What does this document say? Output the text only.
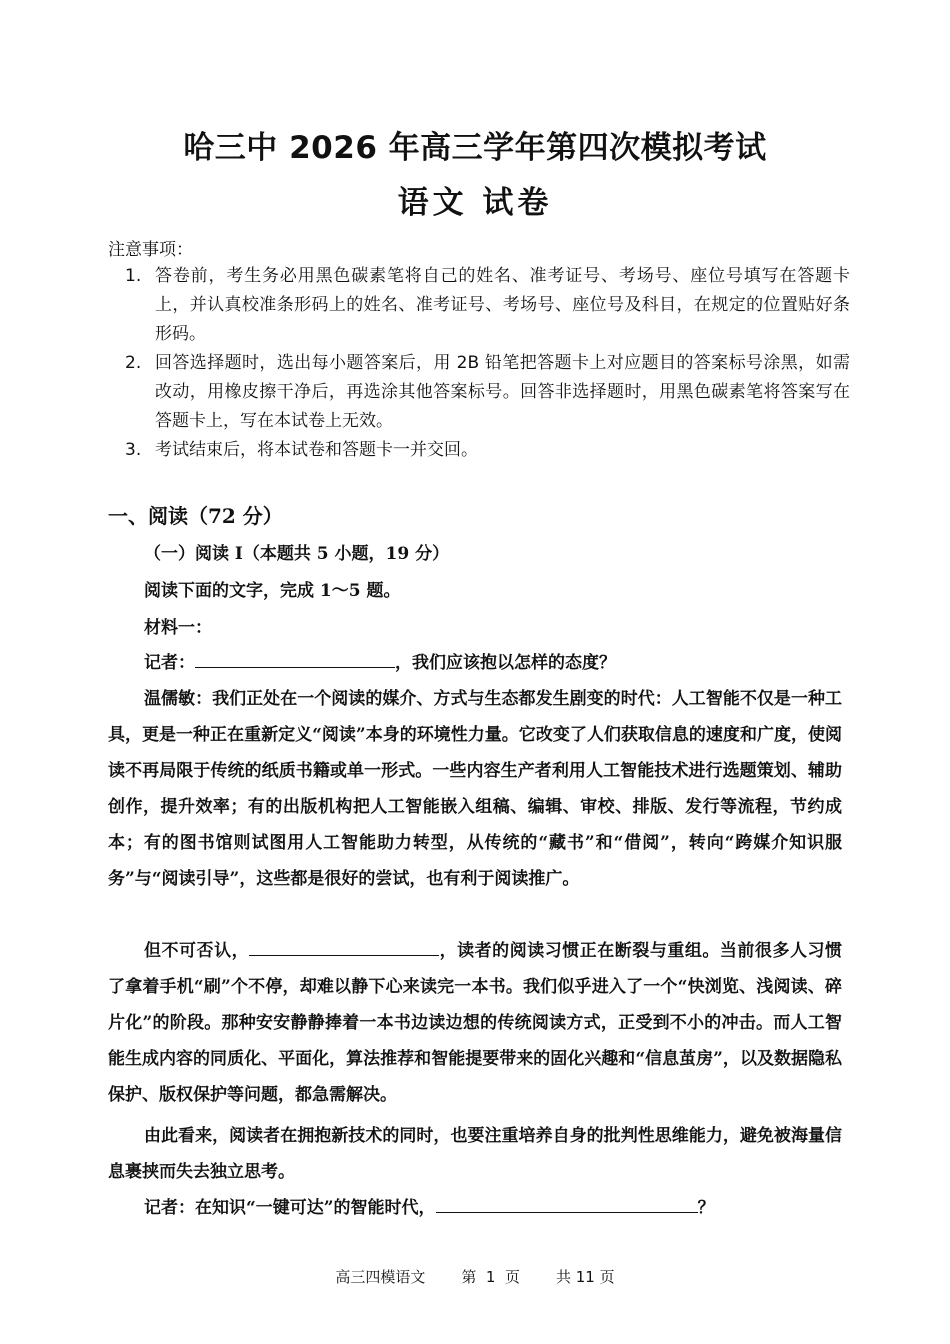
哈三中 2026 年高三学年第四次模拟考试
语文 试卷
注意事项：
1. 答卷前，考生务必用黑色碳素笔将自己的姓名、准考证号、考场号、座位号填写在答题卡上，并认真校准条形码上的姓名、准考证号、考场号、座位号及科目，在规定的位置贴好条形码。
2. 回答选择题时，选出每小题答案后，用 2B 铅笔把答题卡上对应题目的答案标号涂黑，如需改动，用橡皮擦干净后，再选涂其他答案标号。回答非选择题时，用黑色碳素笔将答案写在答题卡上，写在本试卷上无效。
3. 考试结束后，将本试卷和答题卡一并交回。
一、阅读（72 分）
（一）阅读 I（本题共 5 小题，19 分）
阅读下面的文字，完成 1～5 题。
材料一：
记者：	，我们应该抱以怎样的态度？
温儒敏：我们正处在一个阅读的媒介、方式与生态都发生剧变的时代：人工智能不仅是一种工具，更是一种正在重新定义“阅读”本身的环境性力量。它改变了人们获取信息的速度和广度，使阅读不再局限于传统的纸质书籍或单一形式。一些内容生产者利用人工智能技术进行选题策划、辅助创作，提升效率；有的出版机构把人工智能嵌入组稿、编辑、审校、排版、发行等流程，节约成本；有的图书馆则试图用人工智能助力转型，从传统的“藏书”和“借阅”，转向“跨媒介知识服务”与“阅读引导”，这些都是很好的尝试，也有利于阅读推广。
但不可否认，	，读者的阅读习惯正在断裂与重组。当前很多人习惯了拿着手机“刷”个不停，却难以静下心来读完一本书。我们似乎进入了一个“快浏览、浅阅读、碎片化”的阶段。那种安安静静捧着一本书边读边想的传统阅读方式，正受到不小的冲击。而人工智能生成内容的同质化、平面化，算法推荐和智能提要带来的固化兴趣和“信息茧房”，以及数据隐私保护、版权保护等问题，都急需解决。
由此看来，阅读者在拥抱新技术的同时，也要注重培养自身的批判性思维能力，避免被海量信息裹挟而失去独立思考。
记者：在知识“一键可达”的智能时代，	？
高三四模语文 第  1  页 共 11 页
